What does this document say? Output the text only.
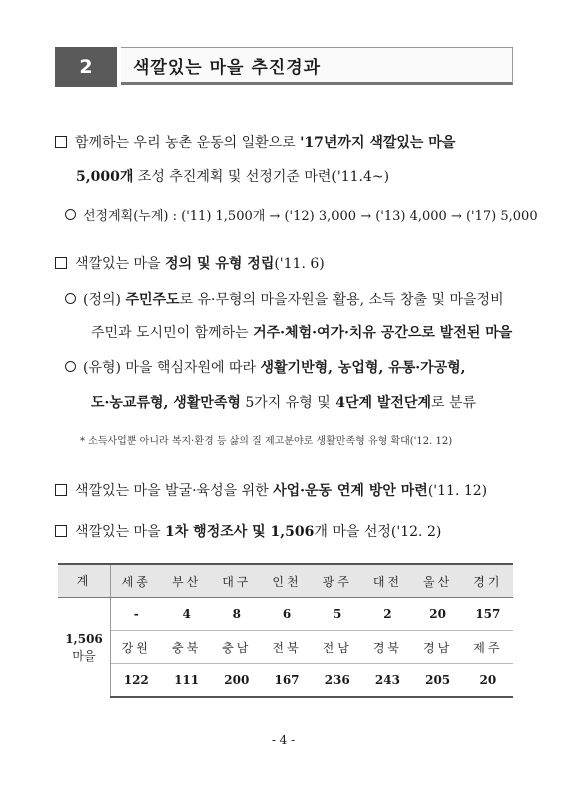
2	색깔있는 마을 추진경과
함께하는 우리 농촌 운동의 일환으로 '17년까지 색깔있는 마을
5,000개 조성 추진계획 및 선정기준 마련('11.4~)
선정계획(누계) : ('11) 1,500개 → ('12) 3,000 → ('13) 4,000 → ('17) 5,000
색깔있는 마을 정의 및 유형 정립('11. 6)
(정의) 주민주도로 유·무형의 마을자원을 활용, 소득 창출 및 마을정비
주민과 도시민이 함께하는 거주·체험·여가·치유 공간으로 발전된 마을
(유형) 마을 핵심자원에 따라 생활기반형, 농업형, 유통·가공형,
도·농교류형, 생활만족형 5가지 유형 및 4단계 발전단계로 분류
* 소득사업뿐 아니라 복지·환경 등 삶의 질 제고분야로 생활만족형 유형 확대('12. 12)
색깔있는 마을 발굴·육성을 위한 사업·운동 연계 방안 마련('11. 12)
색깔있는 마을 1차 행정조사 및 1,506개 마을 선정('12. 2)
계	세종	부산	대구	인천	광주	대전	울산	경기

1,506
마을	-	4	8	6	5	2	20	157
	강원	충북	충남	전북	전남	경북	경남	제주
	122	111	200	167	236	243	205	20
- 4 -
